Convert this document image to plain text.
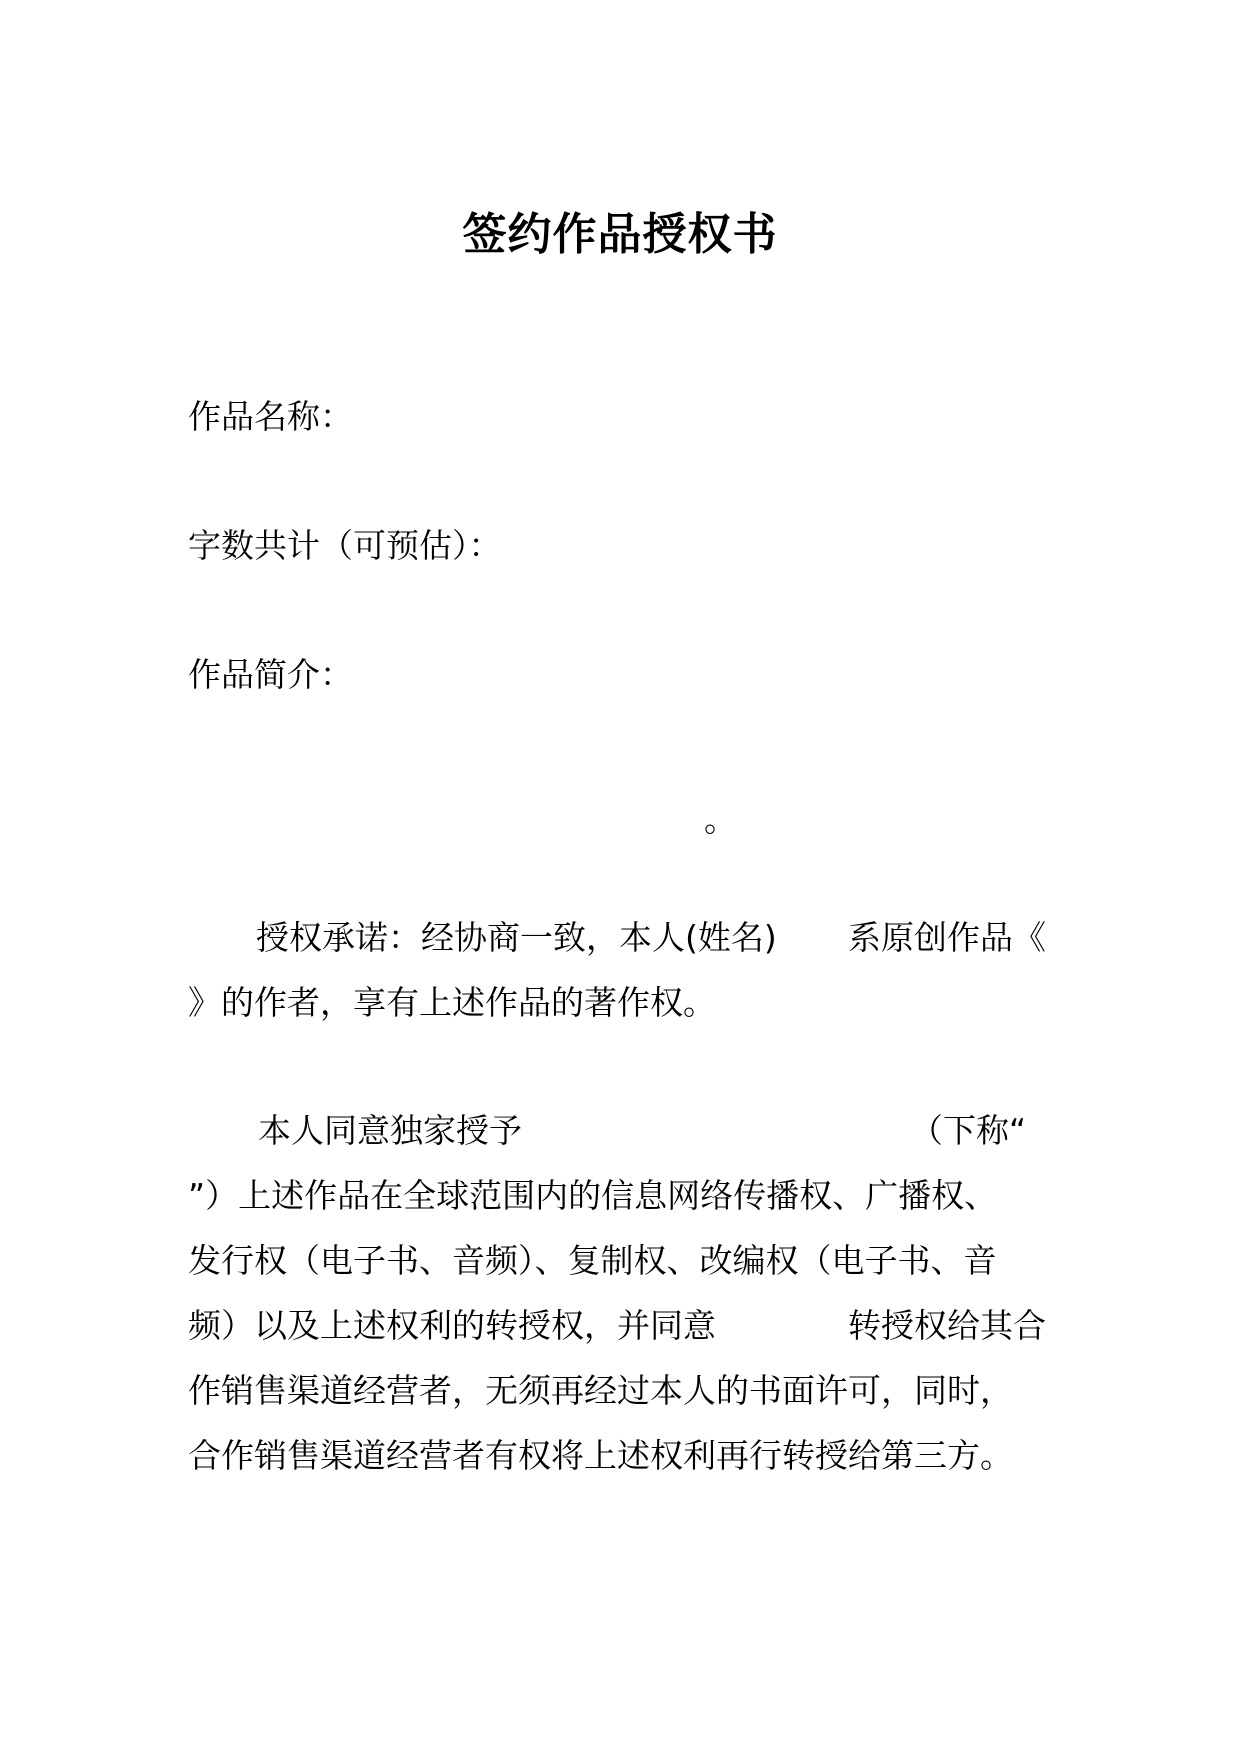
签约作品授权书

作品名称：

字数共计（可预估）：

作品简介：

。
授权承诺：经协商一致，本人(姓名) 系原创作品《
》的作者，享有上述作品的著作权。
本人同意独家授予	（下称“
”）上述作品在全球范围内的信息网络传播权、广播权、
发行权（电子书、音频）、复制权、改编权（电子书、音
频）以及上述权利的转授权，并同意	转授权给其合
作销售渠道经营者，无须再经过本人的书面许可，同时，
合作销售渠道经营者有权将上述权利再行转授给第三方。
